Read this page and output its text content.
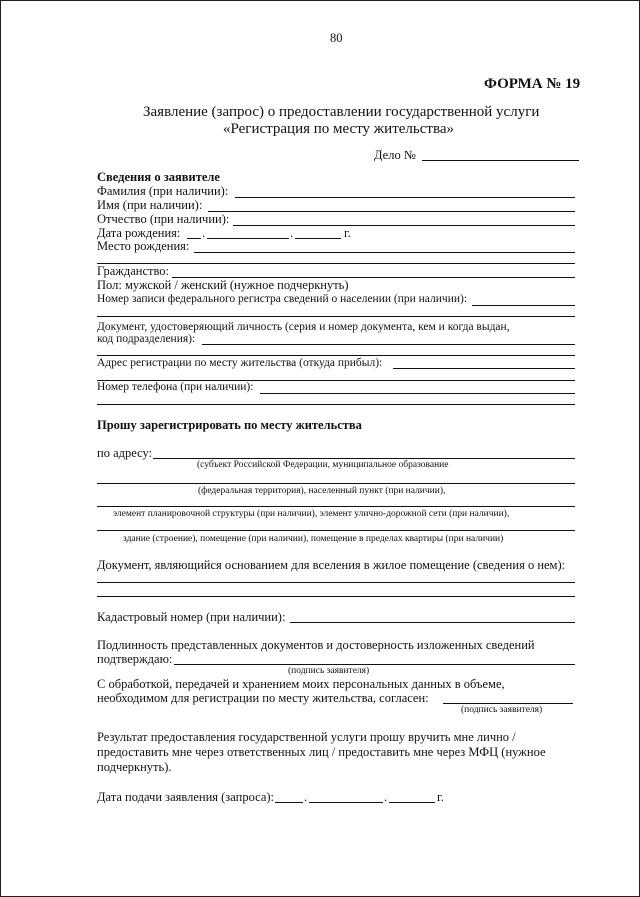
80
ФОРМА № 19
Заявление (запрос) о предоставлении государственной услуги
«Регистрация по месту жительства»
Дело №
Сведения о заявителе
Фамилия (при наличии):
Имя (при наличии):
Отчество (при наличии):
Дата рождения: .	.	г.
Место рождения:
Гражданство:
Пол: мужской / женский (нужное подчеркнуть)
Номер записи федерального регистра сведений о населении (при наличии):
Документ, удостоверяющий личность (серия и номер документа, кем и когда выдан,
код подразделения):
Адрес регистрации по месту жительства (откуда прибыл):
Номер телефона (при наличии):
Прошу зарегистрировать по месту жительства
по адресу:
(субъект Российской Федерации, муниципальное образование
(федеральная территория), населенный пункт (при наличии),
элемент планировочной структуры (при наличии), элемент улично-дорожной сети (при наличии),
здание (строение), помещение (при наличии), помещение в пределах квартиры (при наличии)
Документ, являющийся основанием для вселения в жилое помещение (сведения о нем):
Кадастровый номер (при наличии):
Подлинность представленных документов и достоверность изложенных сведений
подтверждаю:
(подпись заявителя)
С обработкой, передачей и хранением моих персональных данных в объеме,
необходимом для регистрации по месту жительства, согласен:
(подпись заявителя)
Результат предоставления государственной услуги прошу вручить мне лично /
предоставить мне через ответственных лиц / предоставить мне через МФЦ (нужное
подчеркнуть).
Дата подачи заявления (запроса): .	.	г.
